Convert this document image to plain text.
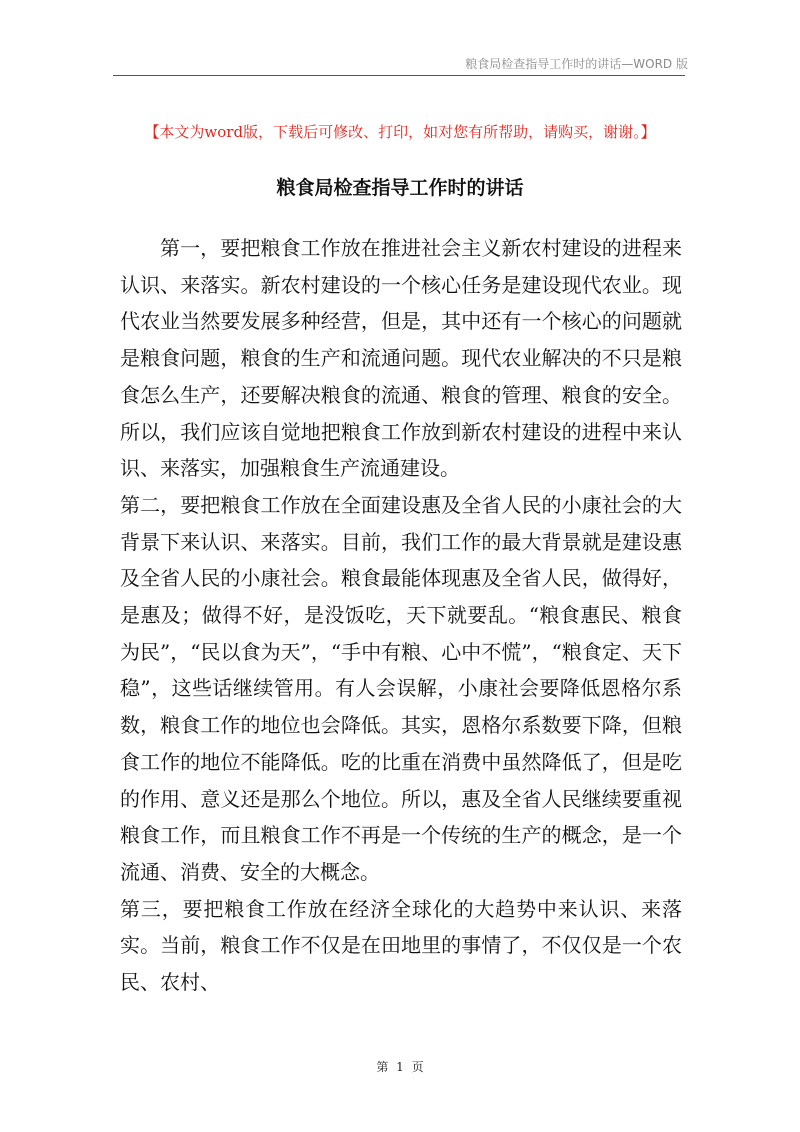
粮食局检查指导工作时的讲话—WORD 版
【本文为word版，下载后可修改、打印，如对您有所帮助，请购买，谢谢。】
粮食局检查指导工作时的讲话

第一，要把粮食工作放在推进社会主义新农村建设的进程来认识、来落实。新农村建设的一个核心任务是建设现代农业。现代农业当然要发展多种经营，但是，其中还有一个核心的问题就是粮食问题，粮食的生产和流通问题。现代农业解决的不只是粮食怎么生产，还要解决粮食的流通、粮食的管理、粮食的安全。所以，我们应该自觉地把粮食工作放到新农村建设的进程中来认识、来落实，加强粮食生产流通建设。

第二，要把粮食工作放在全面建设惠及全省人民的小康社会的大背景下来认识、来落实。目前，我们工作的最大背景就是建设惠及全省人民的小康社会。粮食最能体现惠及全省人民，做得好，是惠及；做得不好，是没饭吃，天下就要乱。“粮食惠民、粮食为民”，“民以食为天”，“手中有粮、心中不慌”，“粮食定、天下稳”，这些话继续管用。有人会误解，小康社会要降低恩格尔系数，粮食工作的地位也会降低。其实，恩格尔系数要下降，但粮食工作的地位不能降低。吃的比重在消费中虽然降低了，但是吃的作用、意义还是那么个地位。所以，惠及全省人民继续要重视粮食工作，而且粮食工作不再是一个传统的生产的概念，是一个流通、消费、安全的大概念。

第三，要把粮食工作放在经济全球化的大趋势中来认识、来落实。当前，粮食工作不仅是在田地里的事情了，不仅仅是一个农民、农村、

第 1 页
